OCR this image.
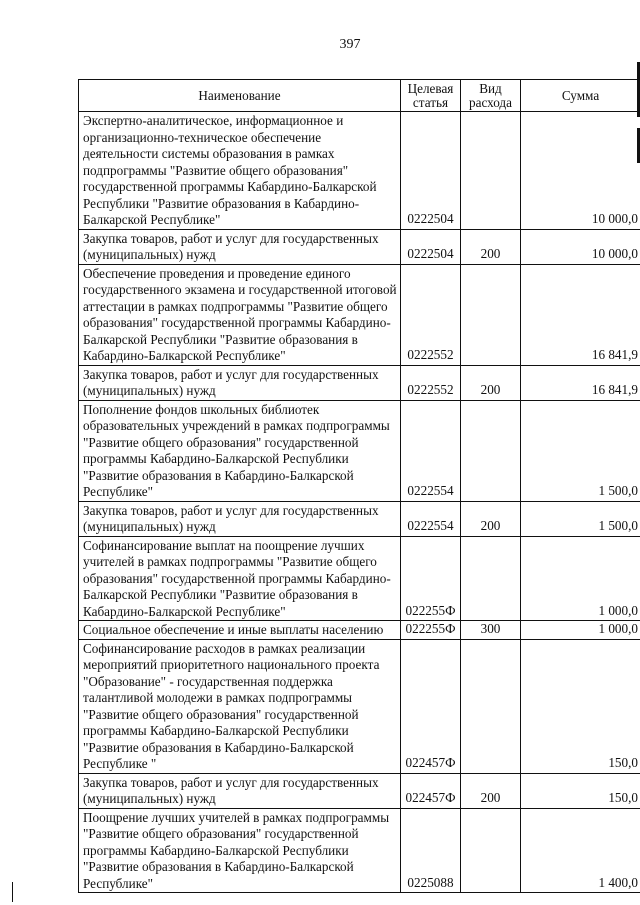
397
Наименование	Целевая статья	Вид расхода	Сумма
Экспертно-аналитическое, информационное и организационно-техническое обеспечение деятельности системы образования в рамках подпрограммы "Развитие общего образования" государственной программы Кабардино-Балкарской Республики "Развитие образования в Кабардино-Балкарской Республике"	0222504		10 000,0
Закупка товаров, работ и услуг для государственных (муниципальных) нужд	0222504	200	10 000,0
Обеспечение проведения и проведение единого государственного экзамена и государственной итоговой аттестации в рамках подпрограммы "Развитие общего образования" государственной программы Кабардино-Балкарской Республики "Развитие образования в Кабардино-Балкарской Республике"	0222552		16 841,9
Закупка товаров, работ и услуг для государственных (муниципальных) нужд	0222552	200	16 841,9
Пополнение фондов школьных библиотек образовательных учреждений в рамках подпрограммы "Развитие общего образования" государственной программы Кабардино-Балкарской Республики "Развитие образования в Кабардино-Балкарской Республике"	0222554		1 500,0
Закупка товаров, работ и услуг для государственных (муниципальных) нужд	0222554	200	1 500,0
Софинансирование выплат на поощрение лучших учителей в рамках подпрограммы "Развитие общего образования" государственной программы Кабардино-Балкарской Республики "Развитие образования в Кабардино-Балкарской Республике"	022255Ф		1 000,0
Социальное обеспечение и иные выплаты населению	022255Ф	300	1 000,0
Софинансирование расходов в рамках реализации мероприятий приоритетного национального проекта "Образование" - государственная поддержка талантливой молодежи в рамках подпрограммы "Развитие общего образования" государственной программы Кабардино-Балкарской Республики "Развитие образования в Кабардино-Балкарской Республике "	022457Ф		150,0
Закупка товаров, работ и услуг для государственных (муниципальных) нужд	022457Ф	200	150,0
Поощрение лучших учителей в рамках подпрограммы "Развитие общего образования" государственной программы Кабардино-Балкарской Республики "Развитие образования в Кабардино-Балкарской Республике"	0225088		1 400,0
